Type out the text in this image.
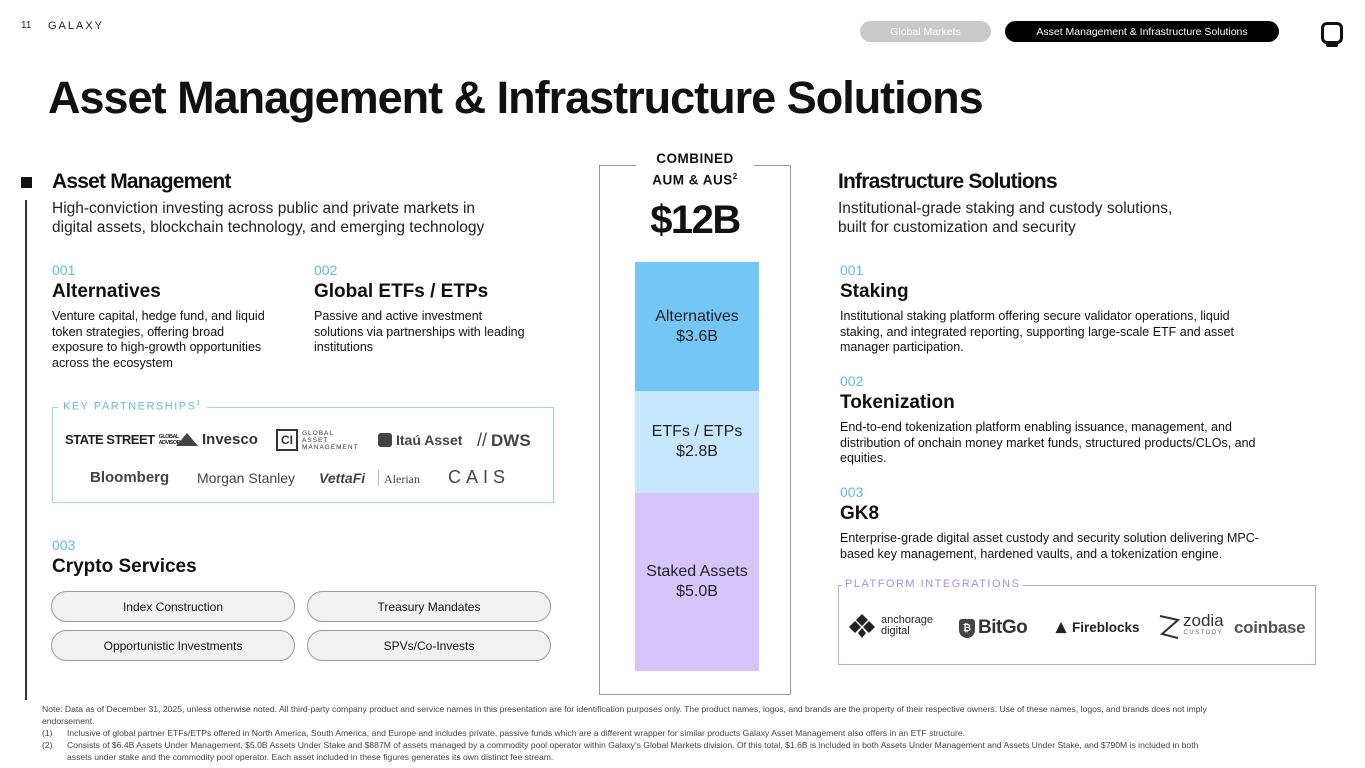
11 GALAXY	Global Markets	Asset Management & Infrastructure Solutions
Asset Management & Infrastructure Solutions
Asset Management
High-conviction investing across public and private markets in
digital assets, blockchain technology, and emerging technology
001
Alternatives
Venture capital, hedge fund, and liquid
token strategies, offering broad
exposure to high-growth opportunities
across the ecosystem
002
Global ETFs / ETPs
Passive and active investment
solutions via partnerships with leading
institutions
KEY PARTNERSHIPS$^1$
STATE STREET GLOBAL ADVISORS Invesco	CI	GLOBAL ASSET MANAGEMENT	Itaú Asset // DWS
Bloomberg Morgan Stanley VettaFi Alerian CAIS
003
Crypto Services
Index Construction	Treasury Mandates
Opportunistic Investments	SPVs/Co-Invests
COMBINED
AUM & AUS$^2$
$12B
Alternatives
$3.6B
ETFs / ETPs
$2.8B
Staked Assets
$5.0B
Infrastructure Solutions
Institutional-grade staking and custody solutions,
built for customization and security
001
Staking
Institutional staking platform offering secure validator operations, liquid
staking, and integrated reporting, supporting large-scale ETF and asset
manager participation.
002
Tokenization
End-to-end tokenization platform enabling issuance, management, and
distribution of onchain money market funds, structured products/CLOs, and
equities.
003
GK8
Enterprise-grade digital asset custody and security solution delivering MPC-
based key management, hardened vaults, and a tokenization engine.
PLATFORM INTEGRATIONS
anchorage
digital	₿ BitGo	Fireblocks	zodia
CUSTODY coinbase
Note: Data as of December 31, 2025, unless otherwise noted. All third-party company product and service names in this presentation are for identification purposes only. The product names, logos, and brands are the property of their respective owners. Use of these names, logos, and brands does not imply
endorsement.
(1)	Inclusive of global partner ETFs/ETPs offered in North America, South America, and Europe and includes private, passive funds which are a different wrapper for similar products Galaxy Asset Management also offers in an ETF structure.
(2)	Consists of $6.4B Assets Under Management, $5.0B Assets Under Stake and $887M of assets managed by a commodity pool operator within Galaxy's Global Markets division. Of this total, $1.6B is included in both Assets Under Management and Assets Under Stake, and $790M is included in both
assets under stake and the commodity pool operator. Each asset included in these figures generates its own distinct fee stream.
